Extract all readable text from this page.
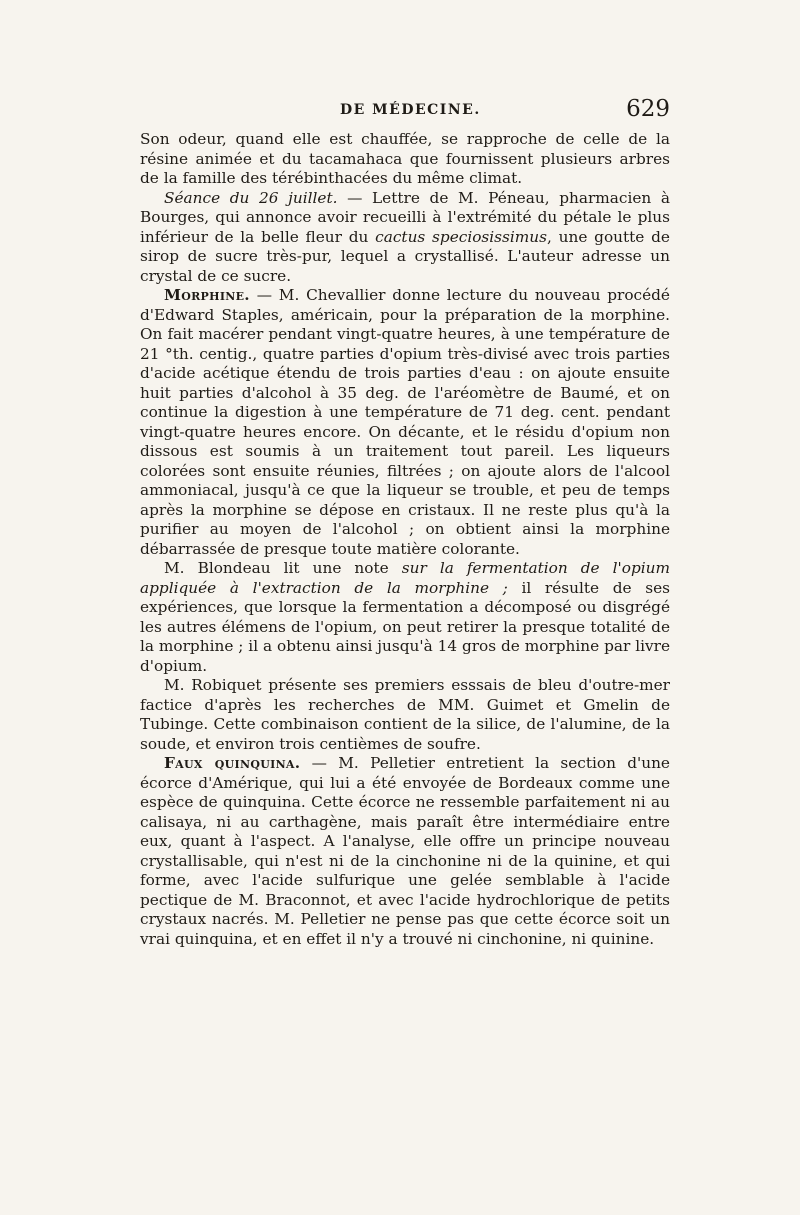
DE MÉDECINE.	629

Son odeur, quand elle est chauffée, se rapproche de celle de la résine animée et du tacamahaca que fournissent plusieurs arbres de la famille des térébinthacées du même climat.

Séance du 26 juillet. — Lettre de M. Péneau, pharmacien à Bourges, qui annonce avoir recueilli à l'extrémité du pétale le plus inférieur de la belle fleur du cactus speciosissimus, une goutte de sirop de sucre très-pur, lequel a crystallisé. L'auteur adresse un crystal de ce sucre.

Morphine. — M. Chevallier donne lecture du nouveau procédé d'Edward Staples, américain, pour la préparation de la morphine. On fait macérer pendant vingt-quatre heures, à une température de 21 °th. centig., quatre parties d'opium très-divisé avec trois parties d'acide acétique étendu de trois parties d'eau : on ajoute ensuite huit parties d'alcohol à 35 deg. de l'aréomètre de Baumé, et on continue la digestion à une température de 71 deg. cent. pendant vingt-quatre heures encore. On décante, et le résidu d'opium non dissous est soumis à un traitement tout pareil. Les liqueurs colorées sont ensuite réunies, filtrées ; on ajoute alors de l'alcool ammoniacal, jusqu'à ce que la liqueur se trouble, et peu de temps après la morphine se dépose en cristaux. Il ne reste plus qu'à la purifier au moyen de l'alcohol ; on obtient ainsi la morphine débarrassée de presque toute matière colorante.

M. Blondeau lit une note sur la fermentation de l'opium appliquée à l'extraction de la morphine ; il résulte de ses expériences, que lorsque la fermentation a décomposé ou disgrégé les autres élémens de l'opium, on peut retirer la presque totalité de la morphine ; il a obtenu ainsi jusqu'à 14 gros de morphine par livre d'opium.

M. Robiquet présente ses premiers esssais de bleu d'outre-mer factice d'après les recherches de MM. Guimet et Gmelin de Tubinge. Cette combinaison contient de la silice, de l'alumine, de la soude, et environ trois centièmes de soufre.

Faux quinquina. — M. Pelletier entretient la section d'une écorce d'Amérique, qui lui a été envoyée de Bordeaux comme une espèce de quinquina. Cette écorce ne ressemble parfaitement ni au calisaya, ni au carthagène, mais paraît être intermédiaire entre eux, quant à l'aspect. A l'analyse, elle offre un principe nouveau crystallisable, qui n'est ni de la cinchonine ni de la quinine, et qui forme, avec l'acide sulfurique une gelée semblable à l'acide pectique de M. Braconnot, et avec l'acide hydrochlorique de petits crystaux nacrés. M. Pelletier ne pense pas que cette écorce soit un vrai quinquina, et en effet il n'y a trouvé ni cinchonine, ni quinine.
